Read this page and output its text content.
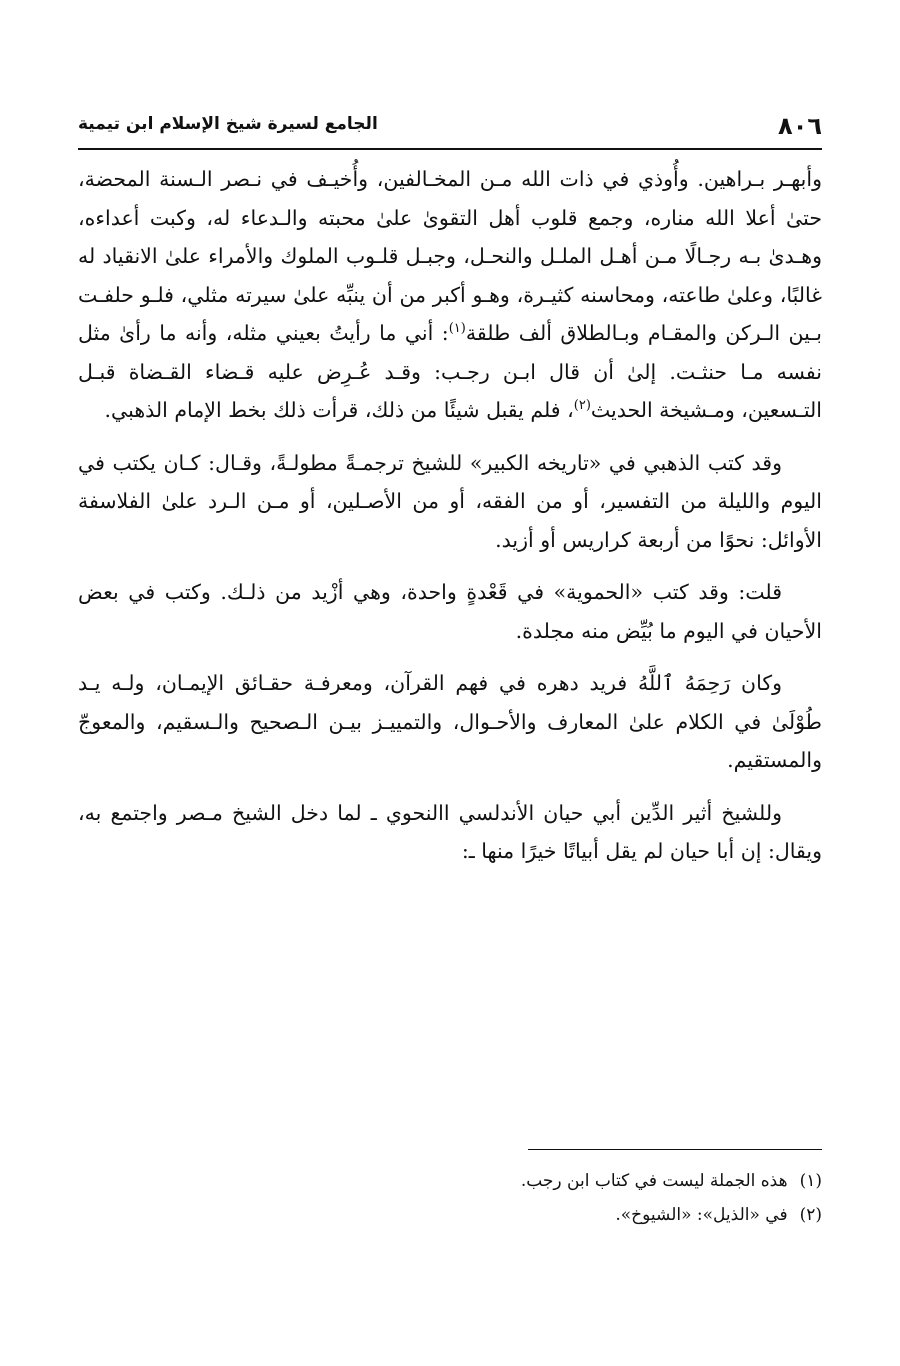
٨٠٦
الجامع لسيرة شيخ الإسلام ابن تيمية

وأبهـر بـراهين. وأُوذي في ذات الله مـن المخـالفين، وأُخيـف في نـصر الـسنة المحضة، حتىٰ أعلا الله مناره، وجمع قلوب أهل التقوىٰ علىٰ محبته والـدعاء له، وكبت أعداءه، وهـدىٰ بـه رجـالًا مـن أهـل الملـل والنحـل، وجبـل قلـوب الملوك والأمراء علىٰ الانقياد له غالبًا، وعلىٰ طاعته، ومحاسنه كثيـرة، وهـو أكبر من أن ينبِّه علىٰ سيرته مثلي، فلـو حلفـت بـين الـركن والمقـام وبـالطلاق ألف طلقة$^{(١)}$: أني ما رأيتُ بعيني مثله، وأنه ما رأىٰ مثل نفسه مـا حنثـت. إلىٰ أن قال ابـن رجـب: وقـد عُـرِض عليه قـضاء القـضاة قبـل التـسعين، ومـشيخة الحديث$^{(٢)}$، فلم يقبل شيئًا من ذلك، قرأت ذلك بخط الإمام الذهبي.

وقد كتب الذهبي في «تاريخه الكبير» للشيخ ترجمـةً مطولـةً، وقـال: كـان يكتب في اليوم والليلة من التفسير، أو من الفقه، أو من الأصـلين، أو مـن الـرد علىٰ الفلاسفة الأوائل: نحوًا من أربعة كراريس أو أزيد.

قلت: وقد كتب «الحموية» في قَعْدةٍ واحدة، وهي أزْيد من ذلـك. وكتب في بعض الأحيان في اليوم ما بُيِّض منه مجلدة.

وكان رَحِمَهُ ٱللَّهُ فريد دهره في فهم القرآن، ومعرفـة حقـائق الإيمـان، ولـه يـد طُوْلَىٰ في الكلام علىٰ المعارف والأحـوال، والتمييـز بيـن الـصحيح والـسقيم، والمعوجّ والمستقيم.

وللشيخ أثير الدِّين أبي حيان الأندلسي االنحوي ـ لما دخل الشيخ مـصر واجتمع به، ويقال: إن أبا حيان لم يقل أبياتًا خيرًا منها ـ:

(١)هذه الجملة ليست في كتاب ابن رجب.
(٢)في «الذيل»: «الشيوخ».
